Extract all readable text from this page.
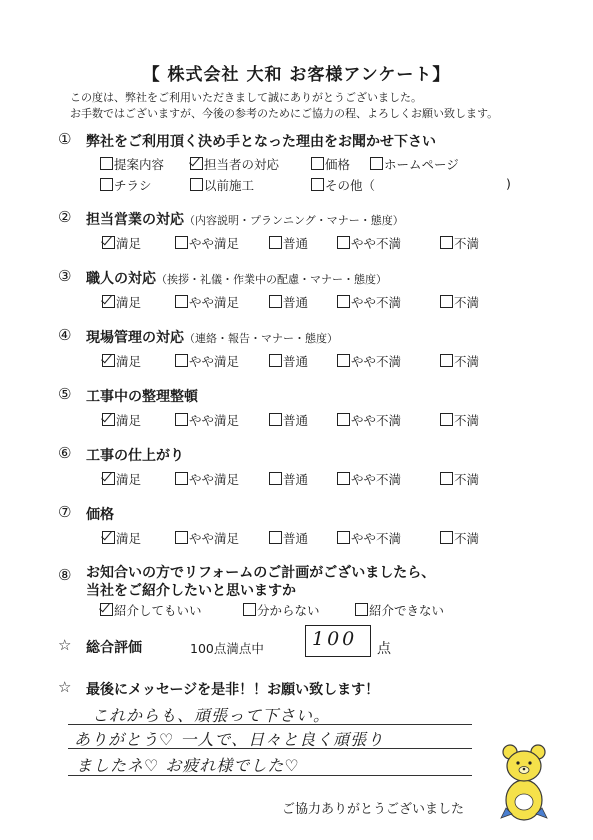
【 株式会社 大和 お客様アンケート】
この度は、弊社をご利用いただきまして誠にありがとうございました。
お手数ではございますが、今後の参考のためにご協力の程、よろしくお願い致します。
① 弊社をご利用頂く決め手となった理由をお聞かせ下さい
提案内容	担当者の対応	価格	ホームページ
チラシ	以前施工	その他（	)
② 担当営業の対応（内容説明・プランニング・マナー・態度）
満足	やや満足	普通	やや不満	不満
③ 職人の対応（挨拶・礼儀・作業中の配慮・マナー・態度）
満足	やや満足	普通	やや不満	不満
④ 現場管理の対応（連絡・報告・マナー・態度）
満足	やや満足	普通	やや不満	不満
⑤ 工事中の整理整頓
満足	やや満足	普通	やや不満	不満
⑥ 工事の仕上がり
満足	やや満足	普通	やや不満	不満
⑦ 価格
満足	やや満足	普通	やや不満	不満
⑧ お知合いの方でリフォームのご計画がございましたら、
当社をご紹介したいと思いますか
紹介してもいい	分からない	紹介できない
☆ 総合評価	100点満点中	100 点
☆ 最後にメッセージを是非！！お願い致します！
これからも、頑張って下さい。
ありがとう♡ 一人で、日々と良く頑張り
ましたネ♡ お疲れ様でした♡
ご協力ありがとうございました
